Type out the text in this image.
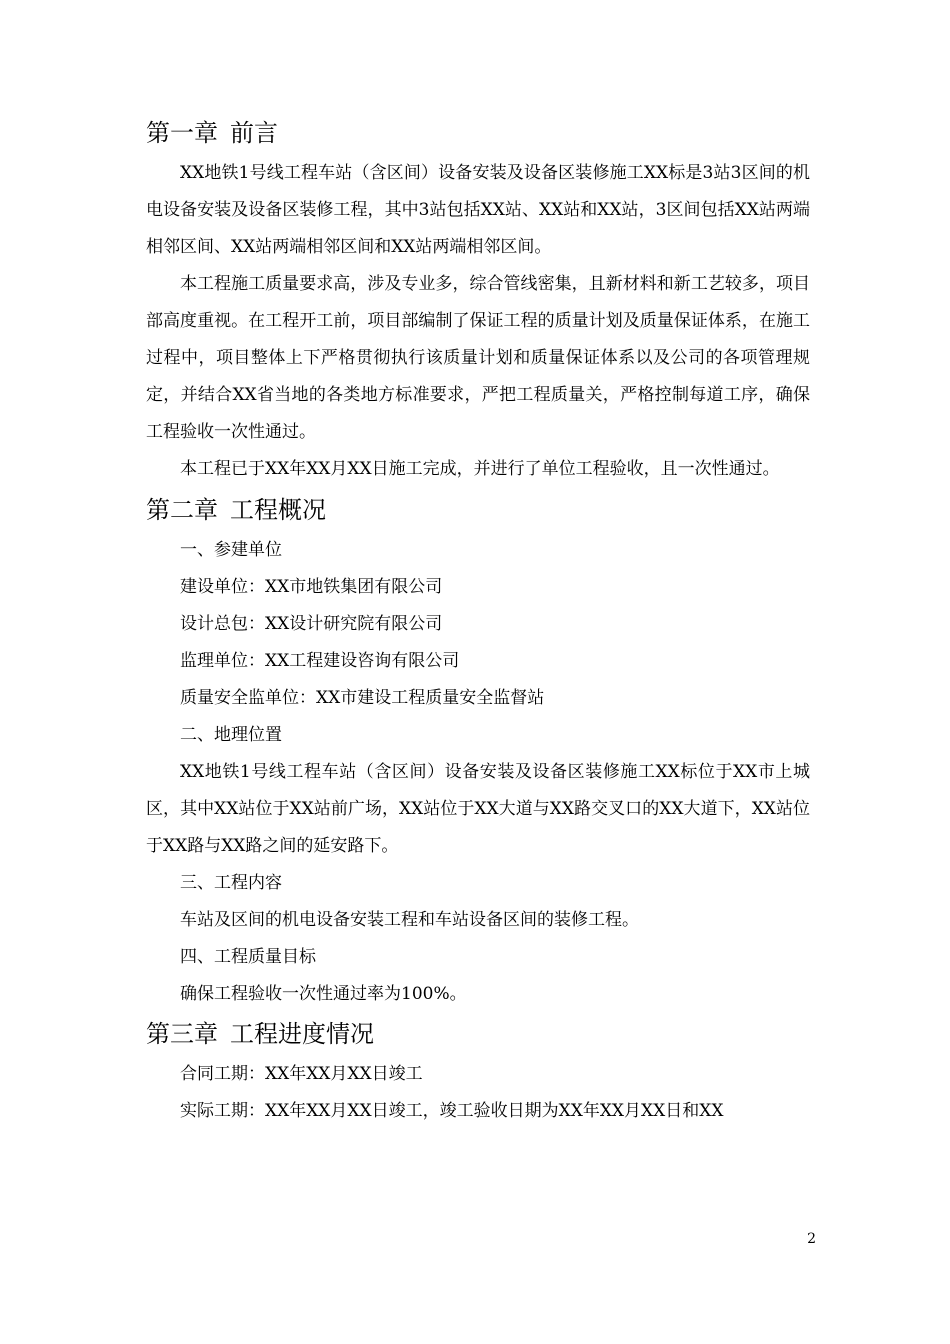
第一章 前言

XX地铁1号线工程车站（含区间）设备安装及设备区装修施工XX标是3站3区间的机电设备安装及设备区装修工程，其中3站包括XX站、XX站和XX站，3区间包括XX站两端相邻区间、XX站两端相邻区间和XX站两端相邻区间。

本工程施工质量要求高，涉及专业多，综合管线密集，且新材料和新工艺较多，项目部高度重视。在工程开工前，项目部编制了保证工程的质量计划及质量保证体系，在施工过程中，项目整体上下严格贯彻执行该质量计划和质量保证体系以及公司的各项管理规定，并结合XX省当地的各类地方标准要求，严把工程质量关，严格控制每道工序，确保工程验收一次性通过。

本工程已于XX年XX月XX日施工完成，并进行了单位工程验收，且一次性通过。

第二章 工程概况

一、参建单位

建设单位：XX市地铁集团有限公司

设计总包：XX设计研究院有限公司

监理单位：XX工程建设咨询有限公司

质量安全监单位：XX市建设工程质量安全监督站

二、地理位置

XX地铁1号线工程车站（含区间）设备安装及设备区装修施工XX标位于XX市上城区，其中XX站位于XX站前广场，XX站位于XX大道与XX路交叉口的XX大道下，XX站位于XX路与XX路之间的延安路下。

三、工程内容

车站及区间的机电设备安装工程和车站设备区间的装修工程。

四、工程质量目标

确保工程验收一次性通过率为100%。

第三章 工程进度情况

合同工期：XX年XX月XX日竣工

实际工期：XX年XX月XX日竣工，竣工验收日期为XX年XX月XX日和XX

2
